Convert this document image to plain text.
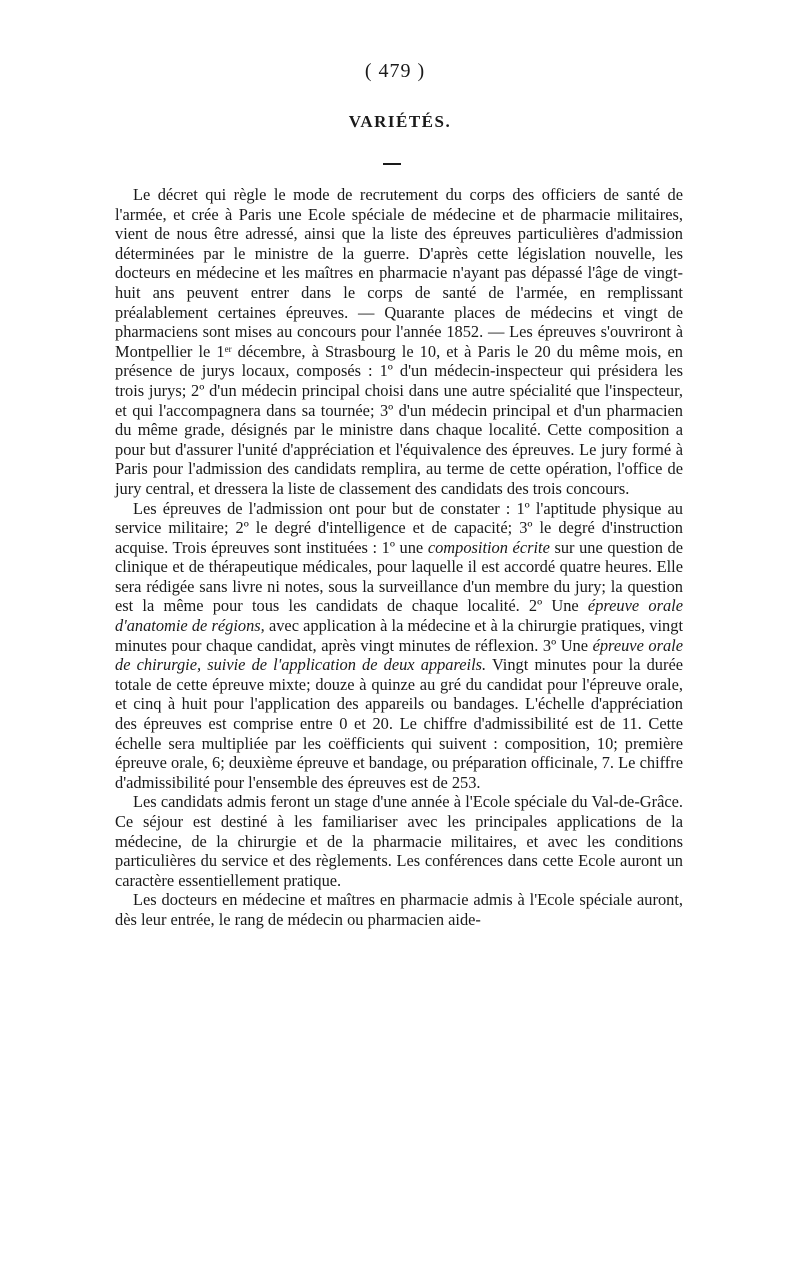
( 479 )
VARIÉTÉS.

Le décret qui règle le mode de recrutement du corps des officiers de santé de l'armée, et crée à Paris une Ecole spéciale de médecine et de pharmacie militaires, vient de nous être adressé, ainsi que la liste des épreuves particulières d'admission déterminées par le ministre de la guerre. D'après cette législation nouvelle, les docteurs en médecine et les maîtres en pharmacie n'ayant pas dépassé l'âge de vingt-huit ans peuvent entrer dans le corps de santé de l'armée, en remplissant préalablement certaines épreuves. — Quarante places de médecins et vingt de pharmaciens sont mises au concours pour l'année 1852. — Les épreuves s'ouvriront à Montpellier le 1er décembre, à Strasbourg le 10, et à Paris le 20 du même mois, en présence de jurys locaux, composés : 1º d'un médecin-inspecteur qui présidera les trois jurys; 2º d'un médecin principal choisi dans une autre spécialité que l'inspecteur, et qui l'accompagnera dans sa tournée; 3º d'un médecin principal et d'un pharmacien du même grade, désignés par le ministre dans chaque localité. Cette composition a pour but d'assurer l'unité d'appréciation et l'équivalence des épreuves. Le jury formé à Paris pour l'admission des candidats remplira, au terme de cette opération, l'office de jury central, et dressera la liste de classement des candidats des trois concours.

Les épreuves de l'admission ont pour but de constater : 1º l'aptitude physique au service militaire; 2º le degré d'intelligence et de capacité; 3º le degré d'instruction acquise. Trois épreuves sont instituées : 1º une composition écrite sur une question de clinique et de thérapeutique médicales, pour laquelle il est accordé quatre heures. Elle sera rédigée sans livre ni notes, sous la surveillance d'un membre du jury; la question est la même pour tous les candidats de chaque localité. 2º Une épreuve orale d'anatomie de régions, avec application à la médecine et à la chirurgie pratiques, vingt minutes pour chaque candidat, après vingt minutes de réflexion. 3º Une épreuve orale de chirurgie, suivie de l'application de deux appareils. Vingt minutes pour la durée totale de cette épreuve mixte; douze à quinze au gré du candidat pour l'épreuve orale, et cinq à huit pour l'application des appareils ou bandages. L'échelle d'appréciation des épreuves est comprise entre 0 et 20. Le chiffre d'admissibilité est de 11. Cette échelle sera multipliée par les coëfficients qui suivent : composition, 10; première épreuve orale, 6; deuxième épreuve et bandage, ou préparation officinale, 7. Le chiffre d'admissibilité pour l'ensemble des épreuves est de 253.

Les candidats admis feront un stage d'une année à l'Ecole spéciale du Val-de-Grâce. Ce séjour est destiné à les familiariser avec les principales applications de la médecine, de la chirurgie et de la pharmacie militaires, et avec les conditions particulières du service et des règlements. Les conférences dans cette Ecole auront un caractère essentiellement pratique.

Les docteurs en médecine et maîtres en pharmacie admis à l'Ecole spéciale auront, dès leur entrée, le rang de médecin ou pharmacien aide-
